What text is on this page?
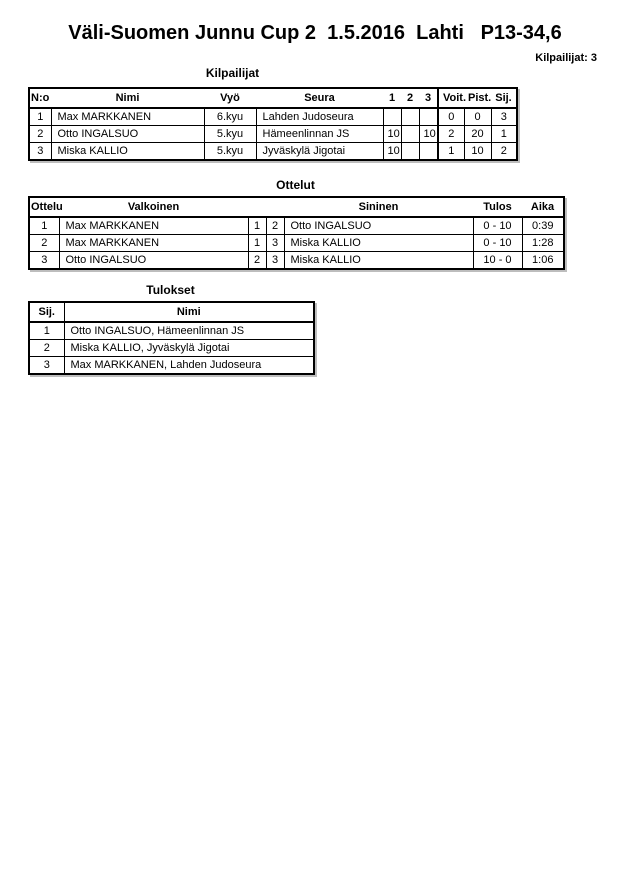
Väli-Suomen Junnu Cup 2  1.5.2016  Lahti   P13-34,6
Kilpailijat: 3
Kilpailijat
N:o	Nimi	Vyö	Seura	1	2	3	Voit.	Pist.	Sij.
1	Max MARKKANEN	6.kyu	Lahden Judoseura				0	0	3
2	Otto INGALSUO	5.kyu	Hämeenlinnan JS	10		10	2	20	1
3	Miska KALLIO	5.kyu	Jyväskylä Jigotai	10			1	10	2
Ottelut
Ottelu	Valkoinen			Sininen	Tulos	Aika
1	Max MARKKANEN	1	2	Otto INGALSUO	0 - 10	0:39
2	Max MARKKANEN	1	3	Miska KALLIO	0 - 10	1:28
3	Otto INGALSUO	2	3	Miska KALLIO	10 - 0	1:06
Tulokset
Sij.	Nimi
1	Otto INGALSUO, Hämeenlinnan JS
2	Miska KALLIO, Jyväskylä Jigotai
3	Max MARKKANEN, Lahden Judoseura
